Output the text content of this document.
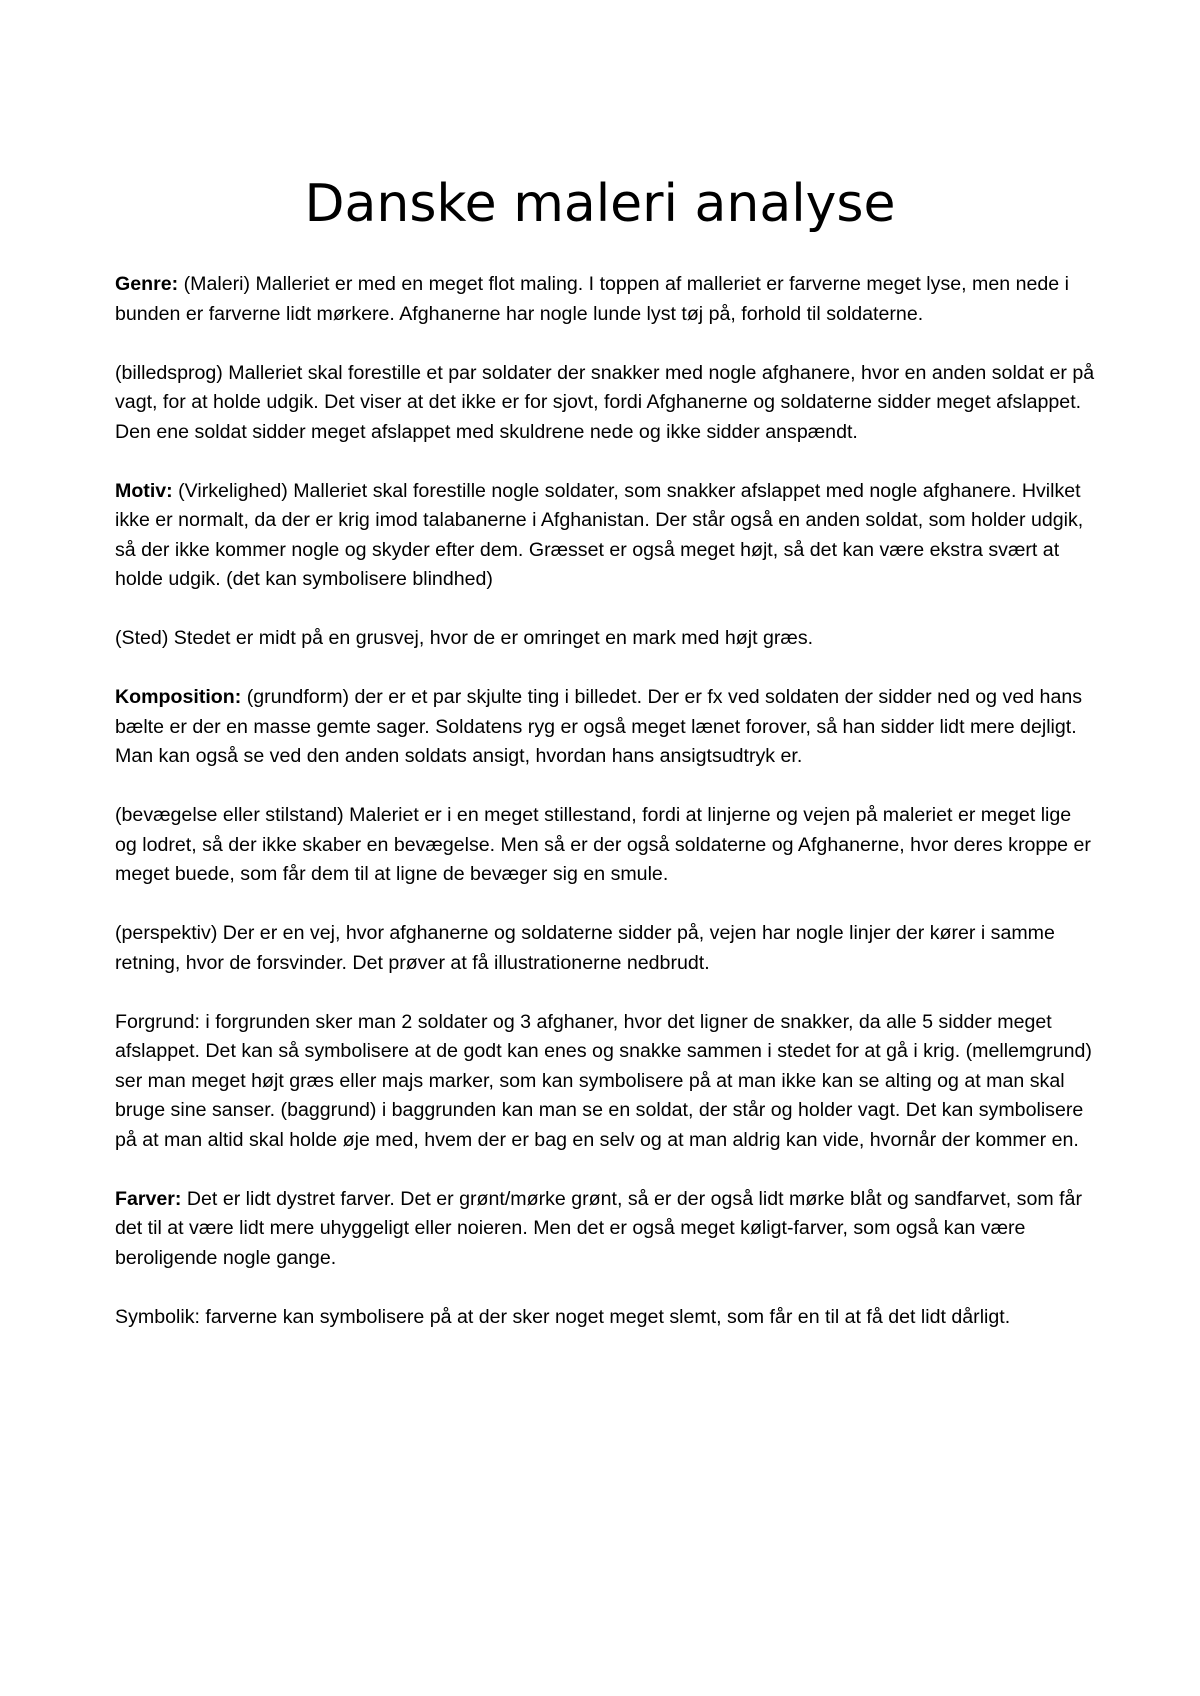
Danske maleri analyse

Genre: (Maleri) Malleriet er med en meget flot maling. I toppen af malleriet er farverne meget lyse, men nede i bunden er farverne lidt mørkere. Afghanerne har nogle lunde lyst tøj på, forhold til soldaterne.

(billedsprog) Malleriet skal forestille et par soldater der snakker med nogle afghanere, hvor en anden soldat er på vagt, for at holde udgik. Det viser at det ikke er for sjovt, fordi Afghanerne og soldaterne sidder meget afslappet. Den ene soldat sidder meget afslappet med skuldrene nede og ikke sidder anspændt.

Motiv: (Virkelighed) Malleriet skal forestille nogle soldater, som snakker afslappet med nogle afghanere. Hvilket ikke er normalt, da der er krig imod talabanerne i Afghanistan. Der står også en anden soldat, som holder udgik, så der ikke kommer nogle og skyder efter dem. Græsset er også meget højt, så det kan være ekstra svært at holde udgik. (det kan symbolisere blindhed)

(Sted) Stedet er midt på en grusvej, hvor de er omringet en mark med højt græs.

Komposition: (grundform) der er et par skjulte ting i billedet. Der er fx ved soldaten der sidder ned og ved hans bælte er der en masse gemte sager. Soldatens ryg er også meget lænet forover, så han sidder lidt mere dejligt. Man kan også se ved den anden soldats ansigt, hvordan hans ansigtsudtryk er.

(bevægelse eller stilstand) Maleriet er i en meget stillestand, fordi at linjerne og vejen på maleriet er meget lige og lodret, så der ikke skaber en bevægelse. Men så er der også soldaterne og Afghanerne, hvor deres kroppe er meget buede, som får dem til at ligne de bevæger sig en smule.

(perspektiv) Der er en vej, hvor afghanerne og soldaterne sidder på, vejen har nogle linjer der kører i samme retning, hvor de forsvinder. Det prøver at få illustrationerne nedbrudt.

Forgrund: i forgrunden sker man 2 soldater og 3 afghaner, hvor det ligner de snakker, da alle 5 sidder meget afslappet. Det kan så symbolisere at de godt kan enes og snakke sammen i stedet for at gå i krig. (mellemgrund) ser man meget højt græs eller majs marker, som kan symbolisere på at man ikke kan se alting og at man skal bruge sine sanser. (baggrund) i baggrunden kan man se en soldat, der står og holder vagt. Det kan symbolisere på at man altid skal holde øje med, hvem der er bag en selv og at man aldrig kan vide, hvornår der kommer en.

Farver: Det er lidt dystret farver. Det er grønt/mørke grønt, så er der også lidt mørke blåt og sandfarvet, som får det til at være lidt mere uhyggeligt eller noieren. Men det er også meget køligt-farver, som også kan være beroligende nogle gange.

Symbolik: farverne kan symbolisere på at der sker noget meget slemt, som får en til at få det lidt dårligt.
